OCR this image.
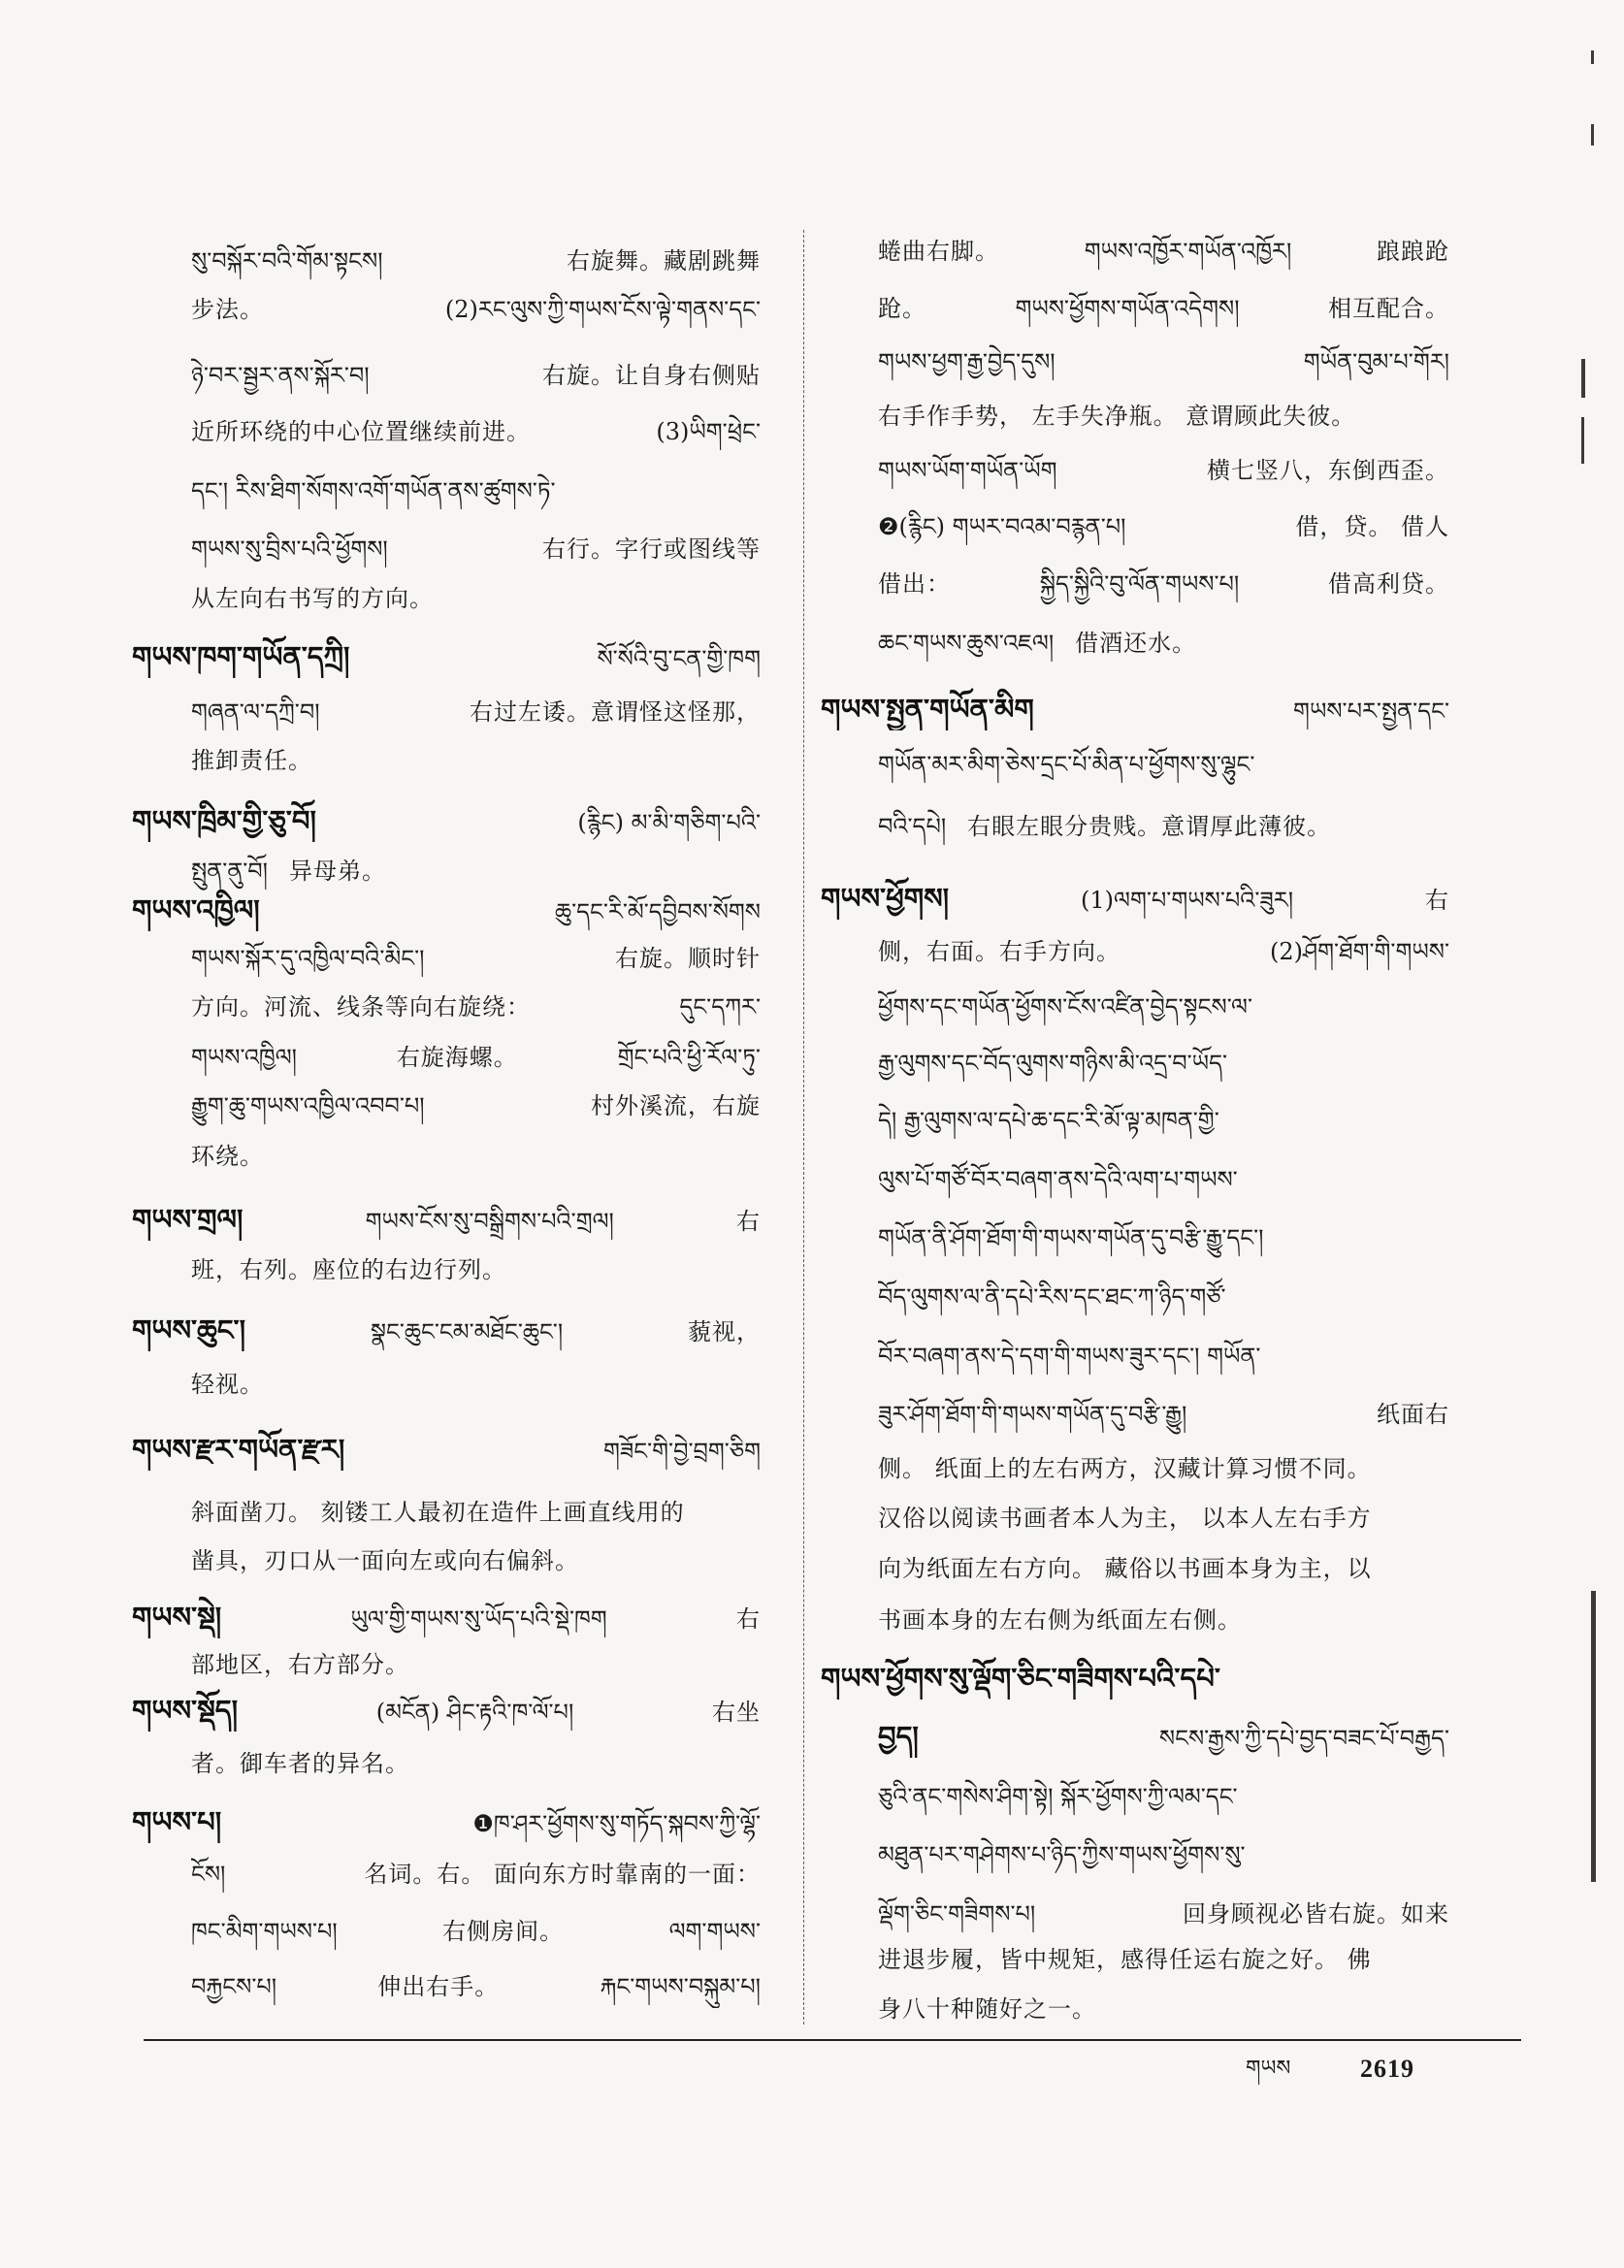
སུ་བསྐོར་བའི་གོམ་སྟངས།	右旋舞。藏剧跳舞
步法。	(2)རང་ལུས་ཀྱི་གཡས་ངོས་ལྟེ་གནས་དང་
ཉེ་བར་སྦྱར་ནས་སྐོར་བ།	右旋。让自身右侧贴
近所环绕的中心位置继续前进。	(3)ཡིག་ཕྲེང་
དང་། རིས་ཐིག་སོགས་འགོ་གཡོན་ནས་ཚུགས་ཏེ་
གཡས་སུ་བྲིས་པའི་ཕྱོགས།	右行。字行或图线等
从左向右书写的方向。
གཡས་ཁག་གཡོན་དཀྲི།	སོ་སོའི་བུ་ངན་གྱི་ཁག
གཞན་ལ་དཀྲི་བ།	右过左诿。意谓怪这怪那，
推卸责任。
གཡས་ཁྲིམ་གྱི་ཅུ་བོ།	(རྙིང) མ་མི་གཅིག་པའི་
སྤུན་ནུ་བོ། 异母弟。
གཡས་འཁྱིལ།	ཆུ་དང་རི་མོ་དབྱིབས་སོགས
གཡས་སྐོར་དུ་འཁྱིལ་བའི་མིང་།	右旋。顺时针
方向。河流、线条等向右旋绕：	དུང་དཀར་
གཡས་འཁྱིལ།	右旋海螺。	གྲོང་པའི་ཕྱི་རོལ་ཏུ་
རྒྱུག་ཆུ་གཡས་འཁྱིལ་འབབ་པ།	村外溪流，右旋
环绕。
གཡས་གྲལ།	གཡས་ངོས་སུ་བསྒྲིགས་པའི་གྲལ།	右
班，右列。座位的右边行列。
གཡས་ཆུང་།	སྣང་ཆུང་ངམ་མཐོང་ཆུང་།	藐视，
轻视。
གཡས་རྫར་གཡོན་རྫར།	གཟོང་གི་བྱེ་བྲག་ཅིག
斜面凿刀。 刻镂工人最初在造件上画直线用的
凿具，刃口从一面向左或向右偏斜。
གཡས་སྡེ།	ཡུལ་གྱི་གཡས་སུ་ཡོད་པའི་སྡེ་ཁག	右
部地区，右方部分。
གཡས་སྡོད།	(མངོན) ཤིང་རྟའི་ཁ་ལོ་པ།	右坐
者。御车者的异名。
གཡས་པ།	❶ཁ་ཤར་ཕྱོགས་སུ་གཏོད་སྐབས་ཀྱི་ལྷོ་
ངོས།	名词。右。 面向东方时靠南的一面：
ཁང་མིག་གཡས་པ།	右侧房间。	ལག་གཡས་
བརྐྱངས་པ།	伸出右手。	རྐང་གཡས་བསྐུམ་པ།
蜷曲右脚。	གཡས་འཁྱོར་གཡོན་འཁྱོར།	踉踉跄
跄。	གཡས་ཕྱོགས་གཡོན་འདེགས།	相互配合。
གཡས་ཕྱག་རྒྱ་བྱེད་དུས།	གཡོན་བུམ་པ་གོར།
右手作手势， 左手失净瓶。 意谓顾此失彼。
གཡས་ཡོག་གཡོན་ཡོག	横七竖八，东倒西歪。
❷(རྙིང) གཡར་བའམ་བརྙན་པ།	借，贷。 借人
借出：	སྐྱིད་སྐྱིའི་བུ་ལོན་གཡས་པ།	借高利贷。
ཆང་གཡས་ཆུས་འཇལ། 借酒还水。
གཡས་སྤྱན་གཡོན་མིག	གཡས་པར་སྤྱན་དང་
གཡོན་མར་མིག་ཅེས་དྲང་པོ་མིན་པ་ཕྱོགས་སུ་ལྷུང་
བའི་དཔེ། 右眼左眼分贵贱。意谓厚此薄彼。
གཡས་ཕྱོགས།	(1)ལག་པ་གཡས་པའི་ཟུར།	右
侧，右面。右手方向。	(2)ཤོག་ཐོག་གི་གཡས་
ཕྱོགས་དང་གཡོན་ཕྱོགས་ངོས་འཛིན་བྱེད་སྟངས་ལ་
རྒྱ་ལུགས་དང་བོད་ལུགས་གཉིས་མི་འདྲ་བ་ཡོད་
དེ། རྒྱ་ལུགས་ལ་དཔེ་ཆ་དང་རི་མོ་ལྟ་མཁན་གྱི་
ལུས་པོ་གཙོ་བོར་བཞག་ནས་དེའི་ལག་པ་གཡས་
གཡོན་ནི་ཤོག་ཐོག་གི་གཡས་གཡོན་དུ་བརྩི་རྒྱུ་དང་།
བོད་ལུགས་ལ་ནི་དཔེ་རིས་དང་ཐང་ཀ་ཉིད་གཙོ་
བོར་བཞག་ནས་དེ་དག་གི་གཡས་ཟུར་དང་། གཡོན་
ཟུར་ཤོག་ཐོག་གི་གཡས་གཡོན་དུ་བརྩི་རྒྱུ།	纸面右
侧。 纸面上的左右两方，汉藏计算习惯不同。
汉俗以阅读书画者本人为主， 以本人左右手方
向为纸面左右方向。 藏俗以书画本身为主，以
书画本身的左右侧为纸面左右侧。
གཡས་ཕྱོགས་སུ་ལྡོག་ཅིང་གཟིགས་པའི་དཔེ་
བྱད།	སངས་རྒྱས་ཀྱི་དཔེ་བྱད་བཟང་པོ་བརྒྱད་
ཅུའི་ནང་གསེས་ཤིག་སྟེ། སྐོར་ཕྱོགས་ཀྱི་ལམ་དང་
མཐུན་པར་གཤེགས་པ་ཉིད་ཀྱིས་གཡས་ཕྱོགས་སུ་
ལྡོག་ཅིང་གཟིགས་པ།	回身顾视必皆右旋。如来
进退步履，皆中规矩，感得任运右旋之好。 佛
身八十种随好之一。
གཡས	2619
